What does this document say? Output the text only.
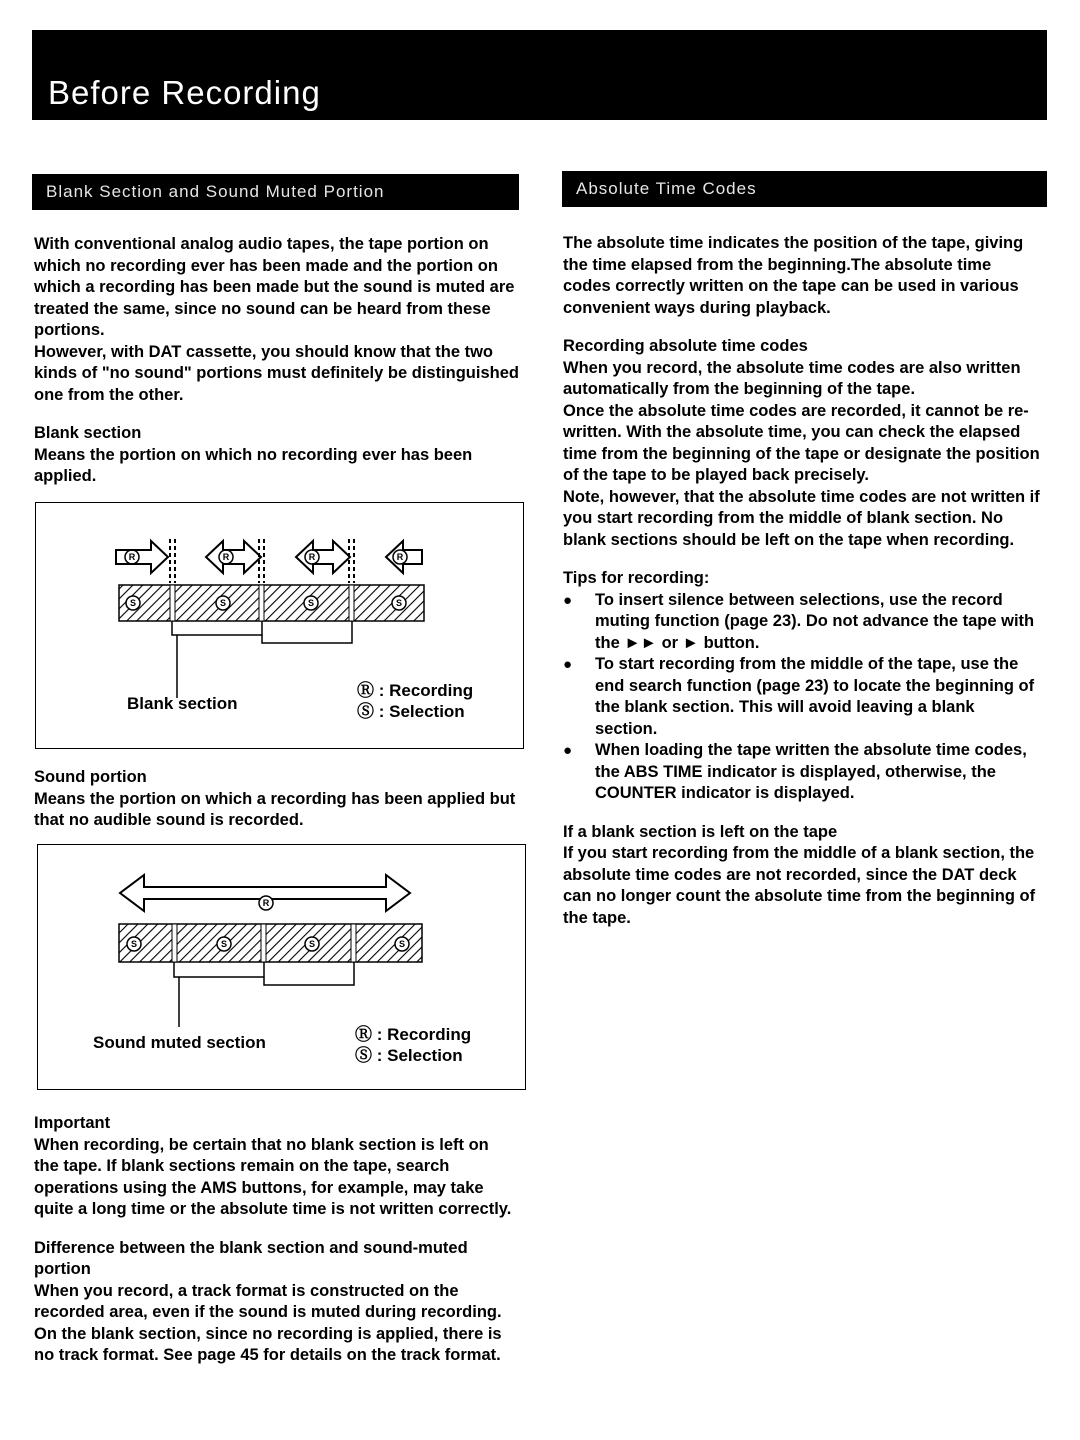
Before Recording
Blank Section and Sound Muted Portion

With conventional analog audio tapes, the tape portion on which no recording ever has been made and the portion on which a recording has been made but the sound is muted are treated the same, since no sound can be heard from these portions.

However, with DAT cassette, you should know that the two kinds of "no sound" portions must definitely be distinguished one from the other.

Blank section

Means the portion on which no recording ever has been applied.

R	R	R	R
S	S	S	S
Blank section
Ⓡ : Recording
Ⓢ : Selection

Sound portion

Means the portion on which a recording has been applied but that no audible sound is recorded.

R
S	S	S	S
Sound muted section	Ⓡ : Recording
Ⓢ : Selection

Important

When recording, be certain that no blank section is left on the tape. If blank sections remain on the tape, search operations using the AMS buttons, for example, may take quite a long time or the absolute time is not written correctly.

Difference between the blank section and sound-muted portion

When you record, a track format is constructed on the recorded area, even if the sound is muted during recording. On the blank section, since no recording is applied, there is no track format. See page 45 for details on the track format.

Absolute Time Codes

The absolute time indicates the position of the tape, giving the time elapsed from the beginning.The absolute time codes correctly written on the tape can be used in various convenient ways during playback.

Recording absolute time codes

When you record, the absolute time codes are also written automatically from the beginning of the tape.

Once the absolute time codes are recorded, it cannot be re-written. With the absolute time, you can check the elapsed time from the beginning of the tape or designate the position of the tape to be played back precisely.

Note, however, that the absolute time codes are not written if you start recording from the middle of blank section. No blank sections should be left on the tape when recording.

Tips for recording:

● To insert silence between selections, use the record muting function (page 23). Do not advance the tape with the ►► or ► button.
● To start recording from the middle of the tape, use the end search function (page 23) to locate the beginning of the blank section. This will avoid leaving a blank section.
● When loading the tape written the absolute time codes, the ABS TIME indicator is displayed, otherwise, the COUNTER indicator is displayed.

If a blank section is left on the tape

If you start recording from the middle of a blank section, the absolute time codes are not recorded, since the DAT deck can no longer count the absolute time from the beginning of the tape.
